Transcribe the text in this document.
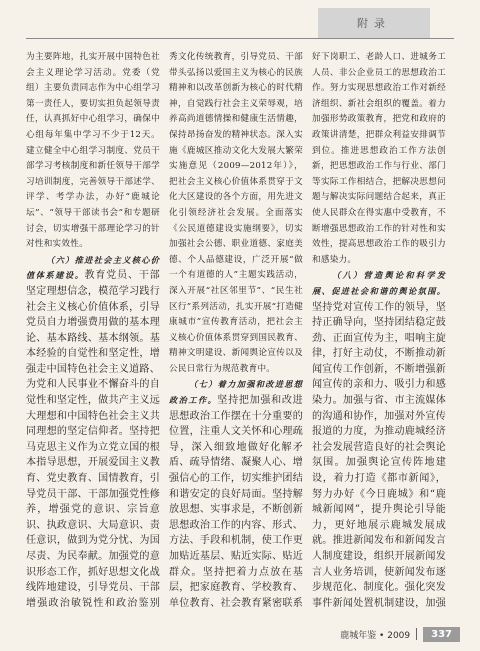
附录

为主要阵地，扎实开展中国特色社会主义理论学习活动。党委（党组）主要负责同志作为中心组学习第一责任人，要切实担负起领导责任，认真抓好中心组学习，确保中心组每年集中学习不少于12天。建立健全中心组学习制度、党员干部学习考核制度和新任领导干部学习培训制度，完善领导干部述学、评学、考学办法，办好“鹿城论坛”、“领导干部读书会”和专题研讨会，切实增强干部理论学习的针对性和实效性。

（六）推进社会主义核心价值体系建设。教育党员、干部坚定理想信念，模范学习践行社会主义核心价值体系，引导党员自力增强费用做的基本理论、基本路线、基本纲领。基本经验的自觉性和坚定性，增强走中国特色社会主义道路、为党和人民事业不懈奋斗的自觉性和坚定性，做共产主义远大理想和中国特色社会主义共同理想的坚定信仰者。坚持把马克思主义作为立党立国的根本指导思想，开展爱国主义教育、党史教育、国情教育，引导党员干部、干部加强党性修养，增强党的意识、宗旨意识、执政意识、大局意识、责任意识，做到为党分忧、为国尽责、为民奉献。加强党的意识形态工作，抓好思想文化战线阵地建设，引导党员、干部增强政治敏锐性和政治鉴别

秀文化传统教育，引导党员、干部带头弘扬以爱国主义为核心的民族精神和以改革创新为核心的时代精神，自觉践行社会主义荣辱观，培养高尚道德情操和健康生活情趣，保持昂扬奋发的精神状态。深入实施《鹿城区推动文化大发展大繁荣实施意见（2009—2012年）》，把社会主义核心价值体系贯穿于文化大区建设的各个方面，用先进文化引领经济社会发展。全面落实《公民道德建设实施纲要》，切实加强社会公德、职业道德、家庭美德、个人品德建设，广泛开展“做一个有道德的人”主题实践活动，深入开展“社区邻里节”、“民生社区行”系列活动，扎实开展“打造健康城市”宣传教育活动，把社会主义核心价值体系贯穿到国民教育、精神文明建设、新闻舆论宣传以及公民日常行为规范教育中。

（七）着力加强和改进思想政治工作。坚持把加强和改进思想政治工作摆在十分重要的位置，注重人文关怀和心理疏导，深入细致地做好化解矛盾、疏导情绪、凝聚人心、增强信心的工作，切实维护团结和谐安定的良好局面。坚持解放思想、实事求是，不断创新思想政治工作的内容、形式、方法、手段和机制，使工作更加贴近基层、贴近实际、贴近群众。坚持把着力点放在基层，把家庭教育、学校教育、单位教育、社会教育紧密联系

好下岗职工、老龄人口、进城务工人员、非公企业员工的思想政治工作。努力实现思想政治工作对新经济组织、新社会组织的覆盖。着力加强形势政策教育，把党和政府的政策讲清楚，把群众利益安排调节到位。推进思想政治工作方法创新，把思想政治工作与行业、部门等实际工作相结合，把解决思想问题与解决实际问题结合起来，真正使人民群众在得实惠中受教育，不断增强思想政治工作的针对性和实效性，提高思想政治工作的吸引力和感染力。

（八）营造舆论和科学发展、促进社会和谐的舆论氛围。坚持党对宣传工作的领导，坚持正确导向，坚持团结稳定鼓劲、正面宣传为主，唱响主旋律，打好主动仗，不断推动新闻宣传工作创新，不断增强新闻宣传的亲和力、吸引力和感染力。加强与省、市主流媒体的沟通和协作，加强对外宣传报道的力度，为推动鹿城经济社会发展营造良好的社会舆论氛围。加强舆论宣传阵地建设，着力打造《都市新闻》，努力办好《今日鹿城》和“鹿城新闻网”，提升舆论引导能力，更好地展示鹿城发展成就。推进新闻发布和新闻发言人制度建设，组织开展新闻发言人业务培训，使新闻发布逐步规范化、制度化。强化突发事件新闻处置机制建设，加强
鹿城年鉴 • 2009	337
